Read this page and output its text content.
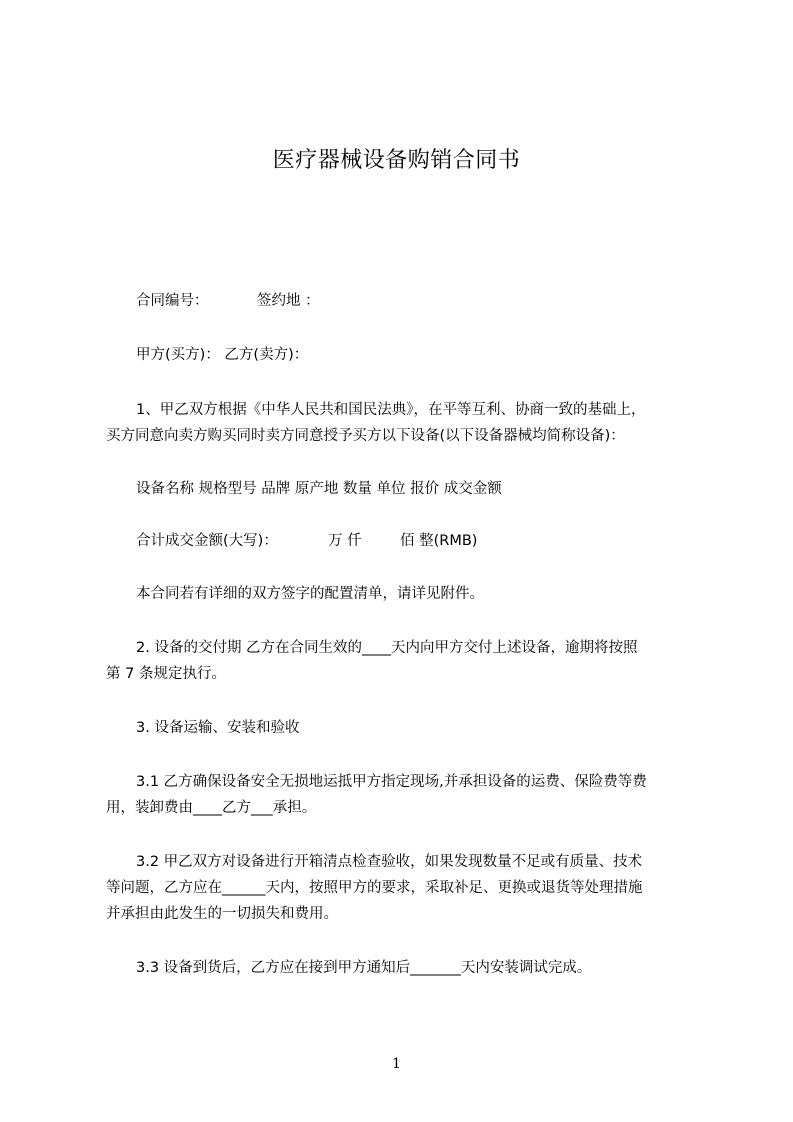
医疗器械设备购销合同书
合同编号：	签约地 ：
甲方(买方)： 乙方(卖方)：
1、甲乙双方根据《中华人民共和国民法典》，在平等互利、协商一致的基础上，
买方同意向卖方购买同时卖方同意授予买方以下设备(以下设备器械均简称设备)：
设备名称 规格型号 品牌 原产地 数量 单位 报价 成交金额
合计成交金额(大写)：	万 仟	佰 整(RMB)
本合同若有详细的双方签字的配置清单，请详见附件。
2. 设备的交付期 乙方在合同生效的____天内向甲方交付上述设备，逾期将按照
第 7 条规定执行。
3. 设备运输、安装和验收
3.1 乙方确保设备安全无损地运抵甲方指定现场,并承担设备的运费、保险费等费
用，装卸费由____乙方___承担。
3.2 甲乙双方对设备进行开箱清点检查验收，如果发现数量不足或有质量、技术
等问题，乙方应在______天内，按照甲方的要求，采取补足、更换或退货等处理措施
并承担由此发生的一切损失和费用。
3.3 设备到货后，乙方应在接到甲方通知后_______天内安装调试完成。
1
